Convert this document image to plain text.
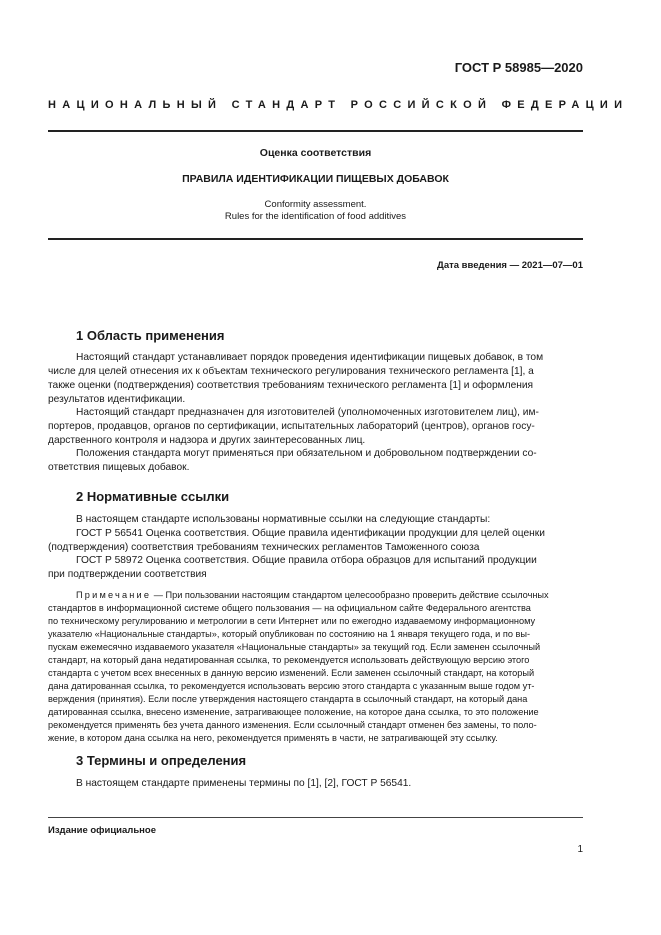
ГОСТ Р 58985—2020
НАЦИОНАЛЬНЫЙ СТАНДАРТ РОССИЙСКОЙ ФЕДЕРАЦИИ
Оценка соответствия
ПРАВИЛА ИДЕНТИФИКАЦИИ ПИЩЕВЫХ ДОБАВОК
Conformity assessment.
Rules for the identification of food additives
Дата введения — 2021—07—01
1 Область применения
Настоящий стандарт устанавливает порядок проведения идентификации пищевых добавок, в том
числе для целей отнесения их к объектам технического регулирования технического регламента [1], а
также оценки (подтверждения) соответствия требованиям технического регламента [1] и оформления
результатов идентификации.
Настоящий стандарт предназначен для изготовителей (уполномоченных изготовителем лиц), им-
портеров, продавцов, органов по сертификации, испытательных лабораторий (центров), органов госу-
дарственного контроля и надзора и других заинтересованных лиц.
Положения стандарта могут применяться при обязательном и добровольном подтверждении со-
ответствия пищевых добавок.
2 Нормативные ссылки
В настоящем стандарте использованы нормативные ссылки на следующие стандарты:
ГОСТ Р 56541 Оценка соответствия. Общие правила идентификации продукции для целей оценки
(подтверждения) соответствия требованиям технических регламентов Таможенного союза
ГОСТ Р 58972 Оценка соответствия. Общие правила отбора образцов для испытаний продукции
при подтверждении соответствия
Примечание — При пользовании настоящим стандартом целесообразно проверить действие ссылочных
стандартов в информационной системе общего пользования — на официальном сайте Федерального агентства
по техническому регулированию и метрологии в сети Интернет или по ежегодно издаваемому информационному
указателю «Национальные стандарты», который опубликован по состоянию на 1 января текущего года, и по вы-
пускам ежемесячно издаваемого указателя «Национальные стандарты» за текущий год. Если заменен ссылочный
стандарт, на который дана недатированная ссылка, то рекомендуется использовать действующую версию этого
стандарта с учетом всех внесенных в данную версию изменений. Если заменен ссылочный стандарт, на который
дана датированная ссылка, то рекомендуется использовать версию этого стандарта с указанным выше годом ут-
верждения (принятия). Если после утверждения настоящего стандарта в ссылочный стандарт, на который дана
датированная ссылка, внесено изменение, затрагивающее положение, на которое дана ссылка, то это положение
рекомендуется применять без учета данного изменения. Если ссылочный стандарт отменен без замены, то поло-
жение, в котором дана ссылка на него, рекомендуется применять в части, не затрагивающей эту ссылку.
3 Термины и определения
В настоящем стандарте применены термины по [1], [2], ГОСТ Р 56541.
Издание официальное
1
